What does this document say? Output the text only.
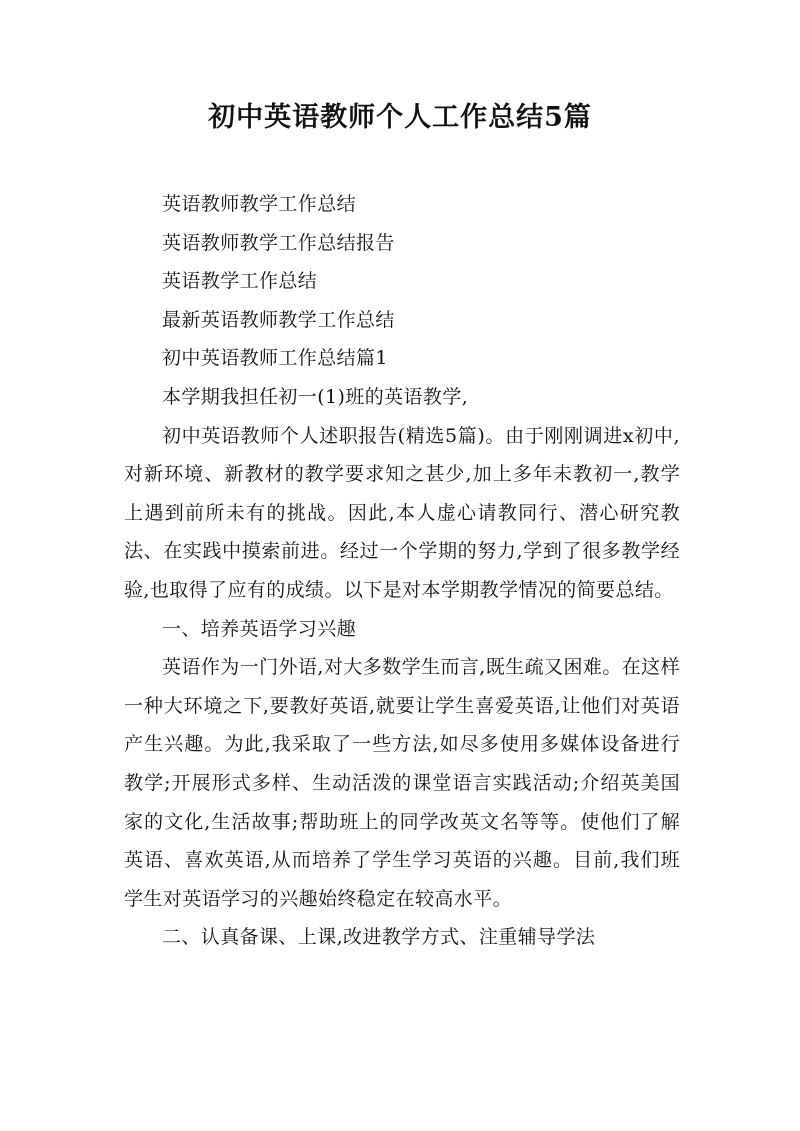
初中英语教师个人工作总结5篇

英语教师教学工作总结

英语教师教学工作总结报告

英语教学工作总结

最新英语教师教学工作总结

初中英语教师工作总结篇1

本学期我担任初一(1)班的英语教学,

初中英语教师个人述职报告(精选5篇)。由于刚刚调进x初中,对新环境、新教材的教学要求知之甚少,加上多年未教初一,教学上遇到前所未有的挑战。因此,本人虚心请教同行、潜心研究教法、在实践中摸索前进。经过一个学期的努力,学到了很多教学经验,也取得了应有的成绩。以下是对本学期教学情况的简要总结。

一、培养英语学习兴趣

英语作为一门外语,对大多数学生而言,既生疏又困难。在这样一种大环境之下,要教好英语,就要让学生喜爱英语,让他们对英语产生兴趣。为此,我采取了一些方法,如尽多使用多媒体设备进行教学;开展形式多样、生动活泼的课堂语言实践活动;介绍英美国家的文化,生活故事;帮助班上的同学改英文名等等。使他们了解英语、喜欢英语,从而培养了学生学习英语的兴趣。目前,我们班学生对英语学习的兴趣始终稳定在较高水平。

二、认真备课、上课,改进教学方式、注重辅导学法
